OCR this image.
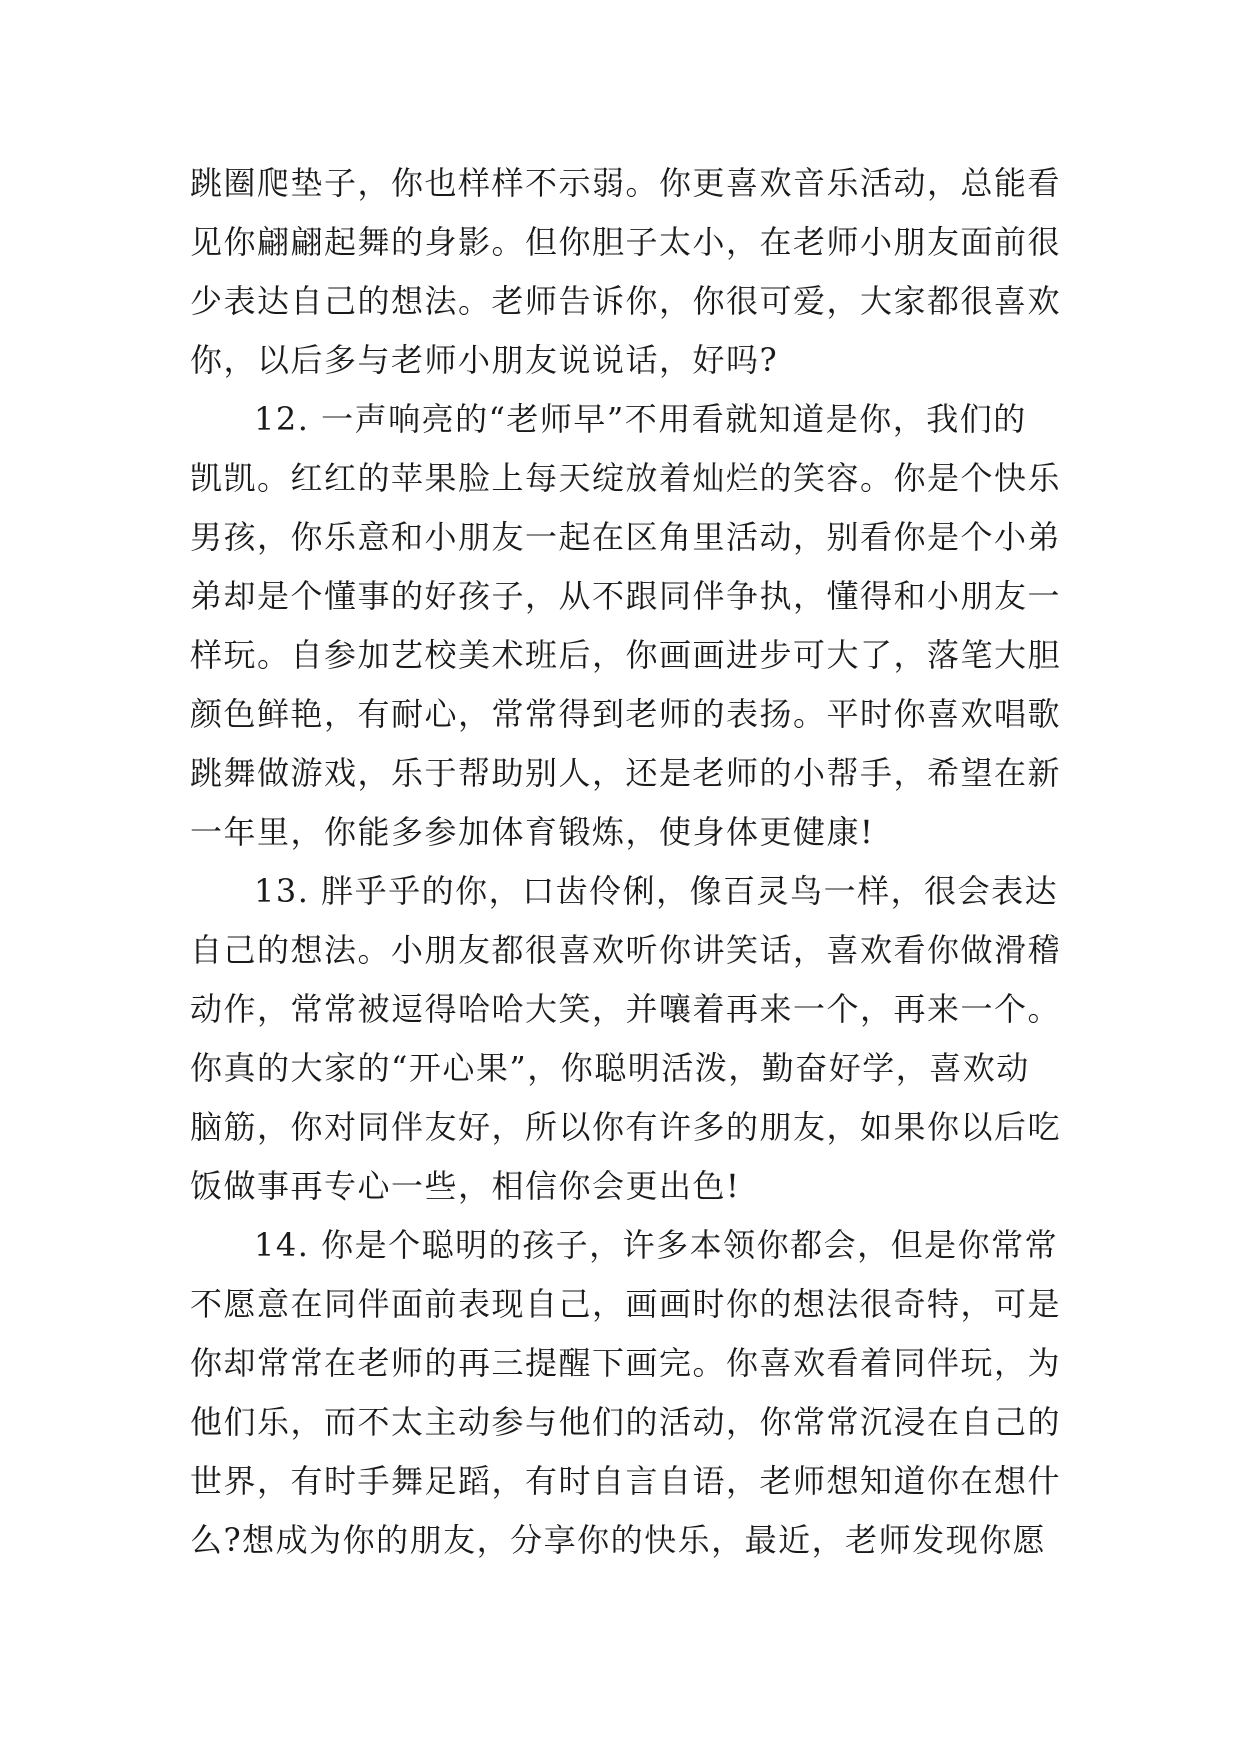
跳圈爬垫子，你也样样不示弱。你更喜欢音乐活动，总能看
见你翩翩起舞的身影。但你胆子太小，在老师小朋友面前很
少表达自己的想法。老师告诉你，你很可爱，大家都很喜欢
你，以后多与老师小朋友说说话，好吗?

12. 一声响亮的“老师早”不用看就知道是你，我们的
凯凯。红红的苹果脸上每天绽放着灿烂的笑容。你是个快乐
男孩，你乐意和小朋友一起在区角里活动，别看你是个小弟
弟却是个懂事的好孩子，从不跟同伴争执，懂得和小朋友一
样玩。自参加艺校美术班后，你画画进步可大了，落笔大胆
颜色鲜艳，有耐心，常常得到老师的表扬。平时你喜欢唱歌
跳舞做游戏，乐于帮助别人，还是老师的小帮手，希望在新
一年里，你能多参加体育锻炼，使身体更健康!

13. 胖乎乎的你，口齿伶俐，像百灵鸟一样，很会表达
自己的想法。小朋友都很喜欢听你讲笑话，喜欢看你做滑稽
动作，常常被逗得哈哈大笑，并嚷着再来一个，再来一个。
你真的大家的“开心果”，你聪明活泼，勤奋好学，喜欢动
脑筋，你对同伴友好，所以你有许多的朋友，如果你以后吃
饭做事再专心一些，相信你会更出色!

14. 你是个聪明的孩子，许多本领你都会，但是你常常
不愿意在同伴面前表现自己，画画时你的想法很奇特，可是
你却常常在老师的再三提醒下画完。你喜欢看着同伴玩，为
他们乐，而不太主动参与他们的活动，你常常沉浸在自己的
世界，有时手舞足蹈，有时自言自语，老师想知道你在想什
么?想成为你的朋友，分享你的快乐，最近，老师发现你愿
